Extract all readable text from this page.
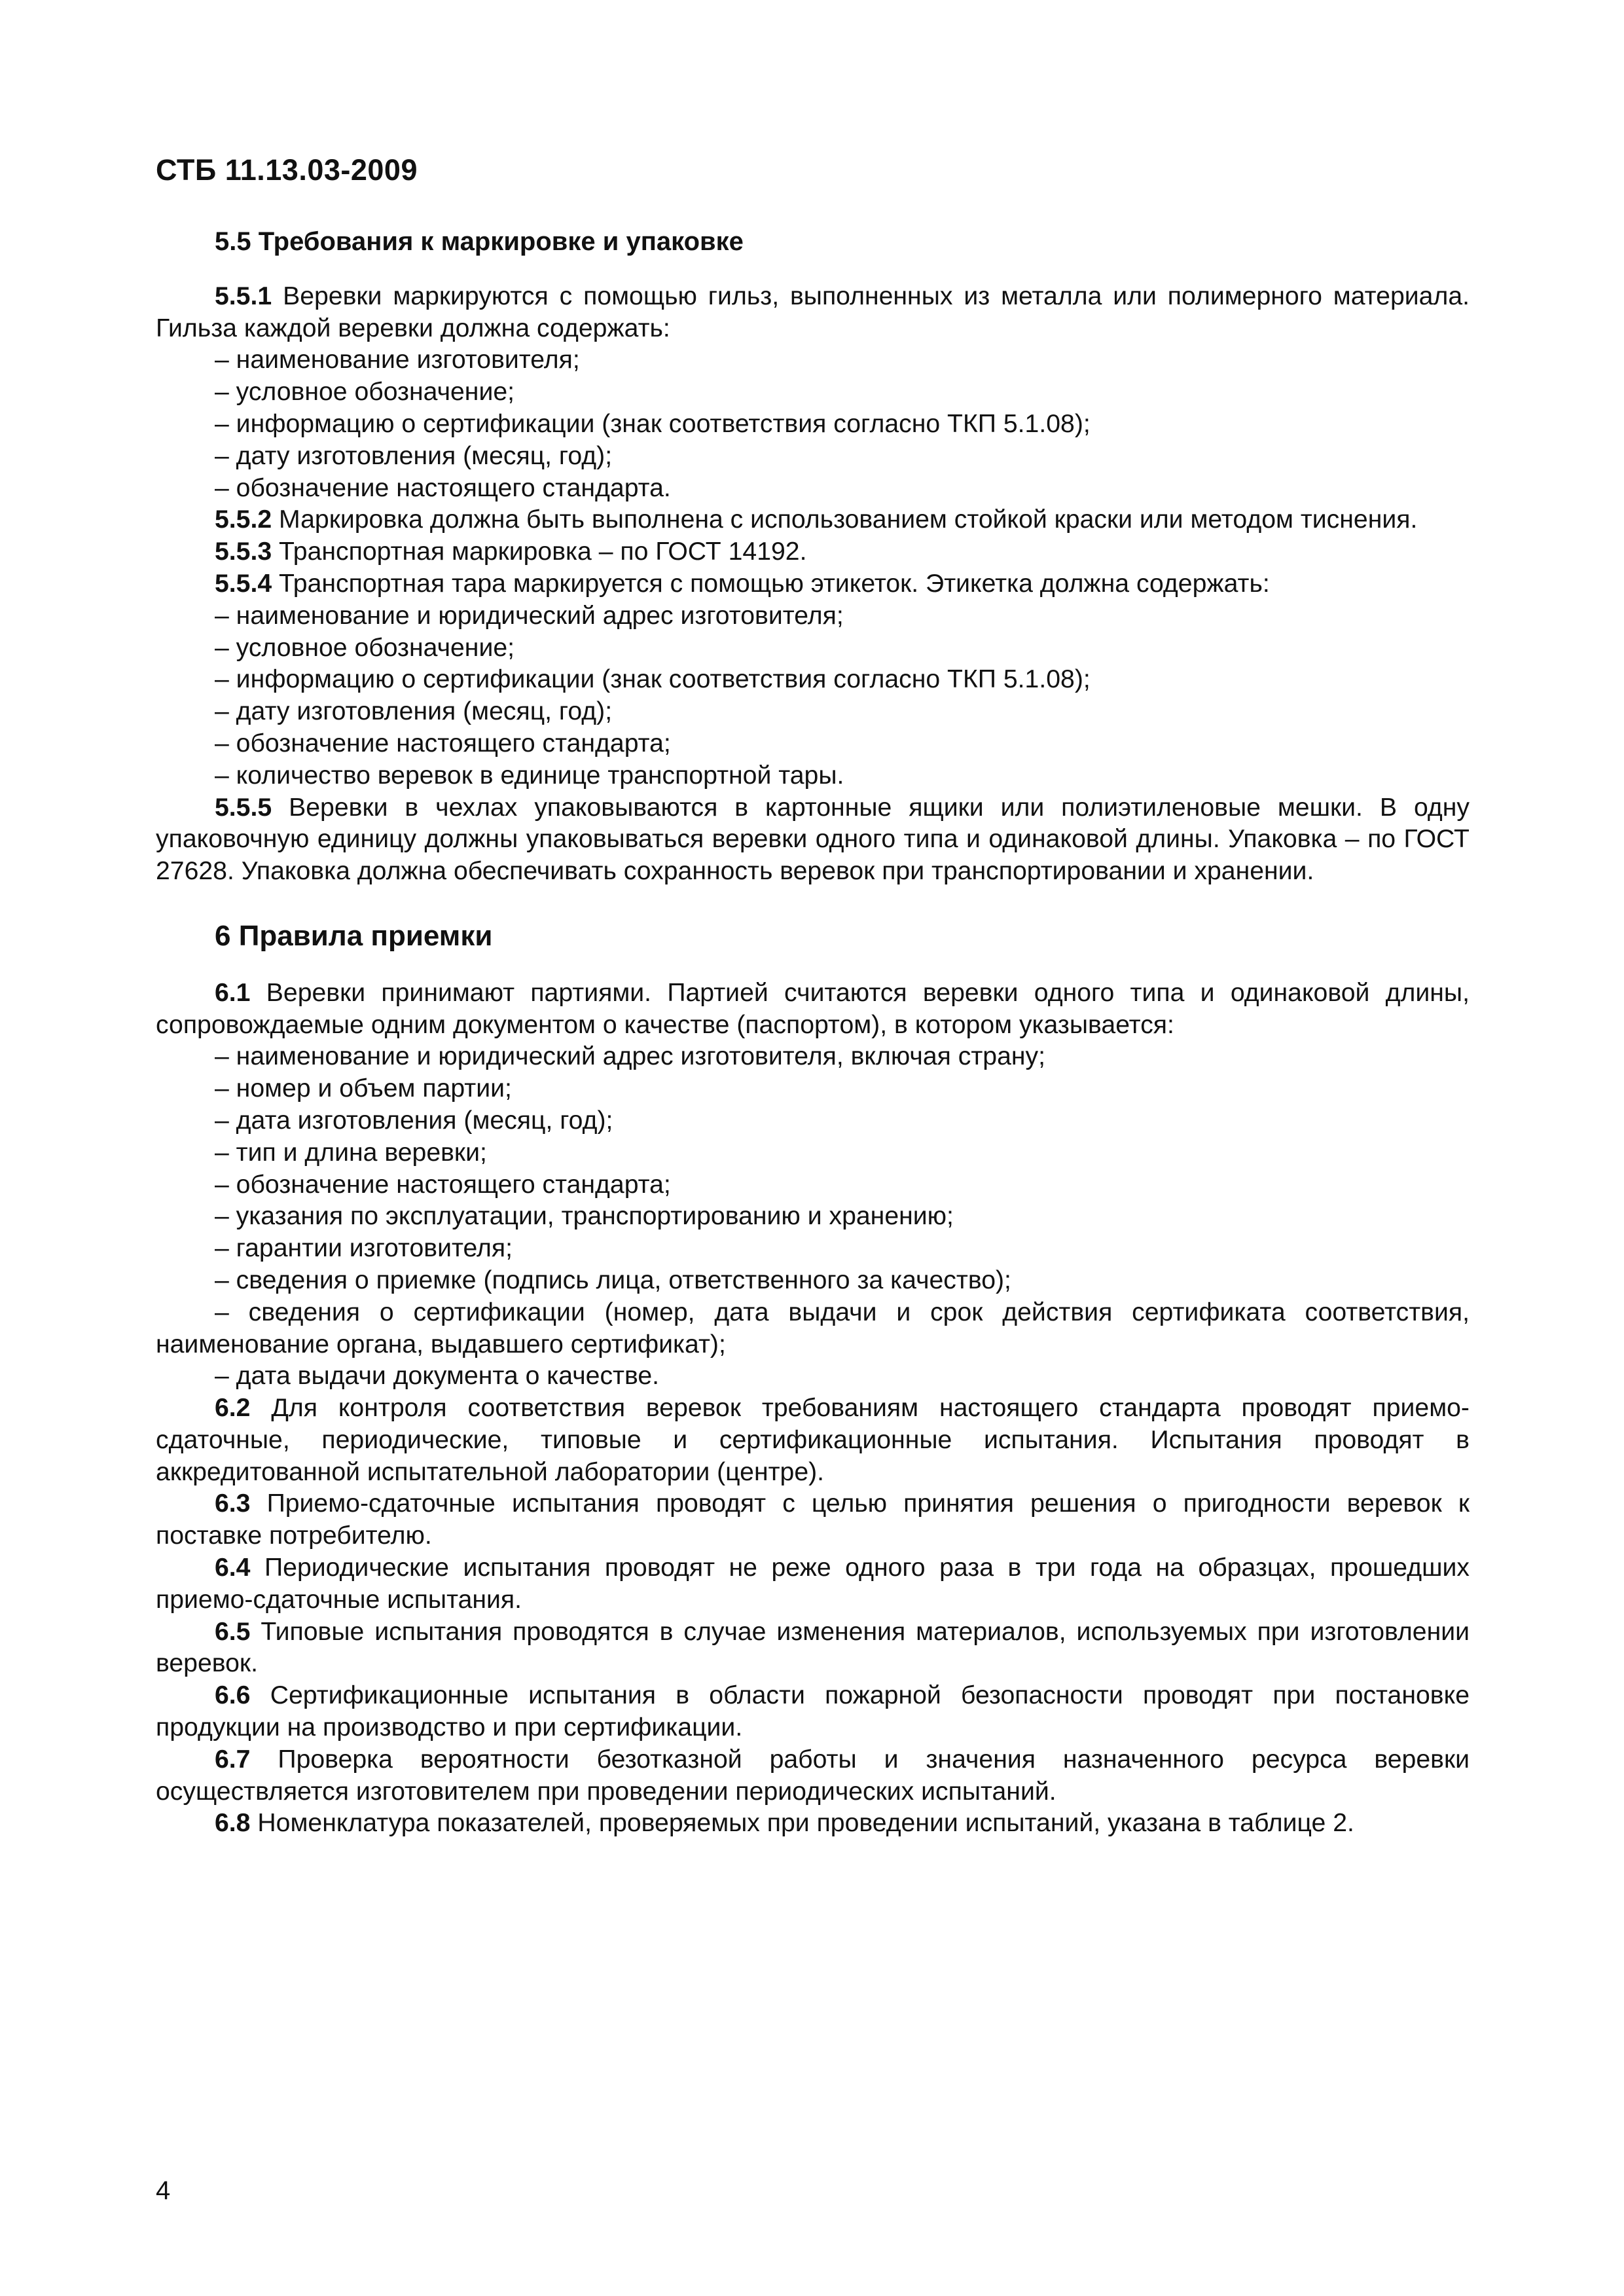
СТБ 11.13.03-2009
5.5 Требования к маркировке и упаковке

5.5.1 Веревки маркируются с помощью гильз, выполненных из металла или полимерного материала. Гильза каждой веревки должна содержать:

– наименование изготовителя;
– условное обозначение;
– информацию о сертификации (знак соответствия согласно ТКП 5.1.08);
– дату изготовления (месяц, год);
– обозначение настоящего стандарта.

5.5.2 Маркировка должна быть выполнена с использованием стойкой краски или методом тиснения.

5.5.3 Транспортная маркировка – по ГОСТ 14192.

5.5.4 Транспортная тара маркируется с помощью этикеток. Этикетка должна содержать:

– наименование и юридический адрес изготовителя;
– условное обозначение;
– информацию о сертификации (знак соответствия согласно ТКП 5.1.08);
– дату изготовления (месяц, год);
– обозначение настоящего стандарта;
– количество веревок в единице транспортной тары.

5.5.5 Веревки в чехлах упаковываются в картонные ящики или полиэтиленовые мешки. В одну упаковочную единицу должны упаковываться веревки одного типа и одинаковой длины. Упаковка – по ГОСТ 27628. Упаковка должна обеспечивать сохранность веревок при транспортировании и хранении.

6 Правила приемки

6.1 Веревки принимают партиями. Партией считаются веревки одного типа и одинаковой длины, сопровождаемые одним документом о качестве (паспортом), в котором указывается:

– наименование и юридический адрес изготовителя, включая страну;
– номер и объем партии;
– дата изготовления (месяц, год);
– тип и длина веревки;
– обозначение настоящего стандарта;
– указания по эксплуатации, транспортированию и хранению;
– гарантии изготовителя;
– сведения о приемке (подпись лица, ответственного за качество);

– сведения о сертификации (номер, дата выдачи и срок действия сертификата соответствия, наименование органа, выдавшего сертификат);

– дата выдачи документа о качестве.

6.2 Для контроля соответствия веревок требованиям настоящего стандарта проводят приемо-сдаточные, периодические, типовые и сертификационные испытания. Испытания проводят в аккредитованной испытательной лаборатории (центре).

6.3 Приемо-сдаточные испытания проводят с целью принятия решения о пригодности веревок к поставке потребителю.

6.4 Периодические испытания проводят не реже одного раза в три года на образцах, прошедших приемо-сдаточные испытания.

6.5 Типовые испытания проводятся в случае изменения материалов, используемых при изготовлении веревок.

6.6 Сертификационные испытания в области пожарной безопасности проводят при постановке продукции на производство и при сертификации.

6.7 Проверка вероятности безотказной работы и значения назначенного ресурса веревки осуществляется изготовителем при проведении периодических испытаний.

6.8 Номенклатура показателей, проверяемых при проведении испытаний, указана в таблице 2.

4
